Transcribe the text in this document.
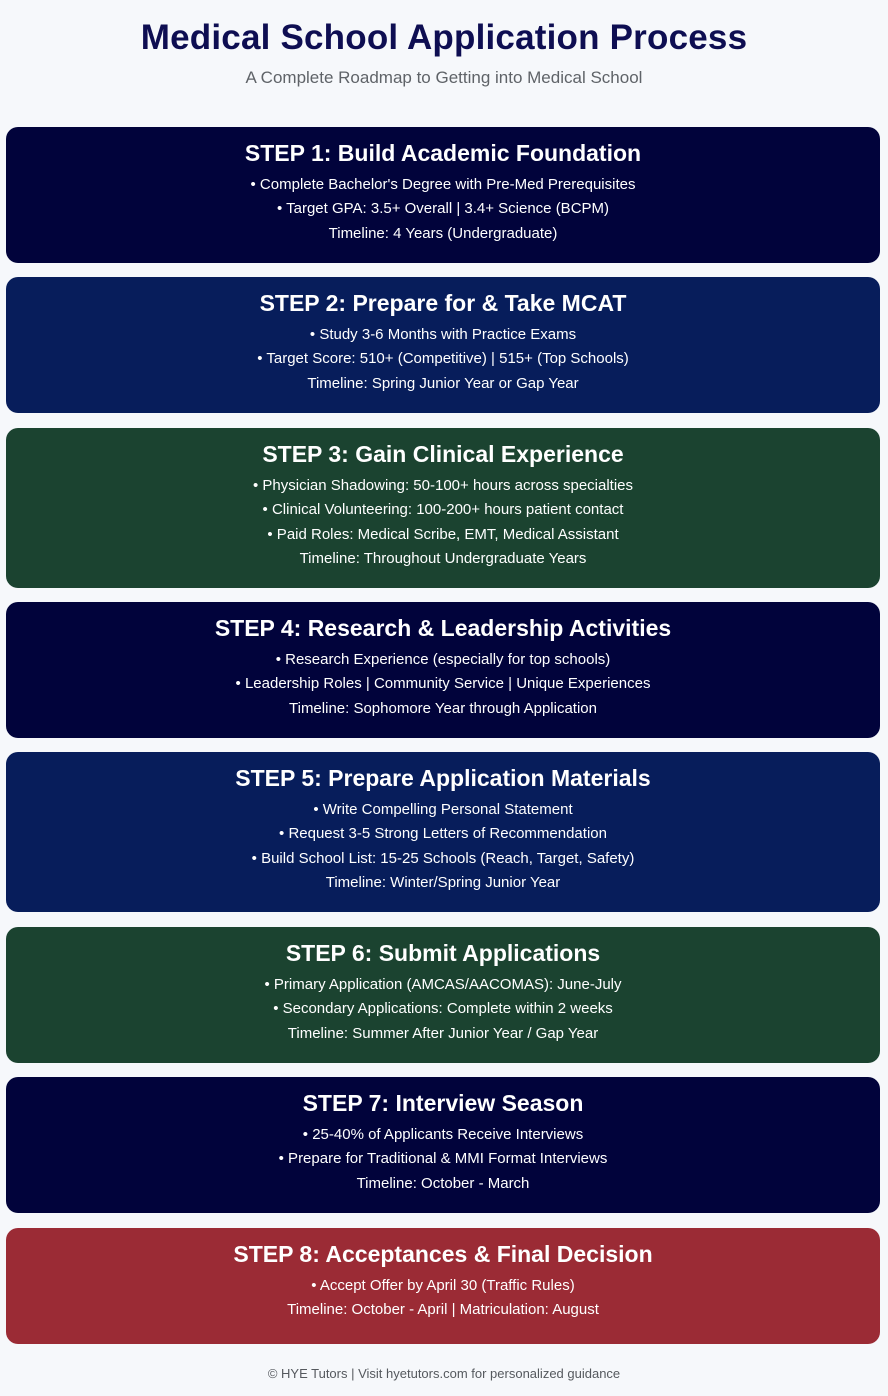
Medical School Application Process
A Complete Roadmap to Getting into Medical School
STEP 1: Build Academic Foundation
• Complete Bachelor's Degree with Pre-Med Prerequisites
• Target GPA: 3.5+ Overall | 3.4+ Science (BCPM)
Timeline: 4 Years (Undergraduate)
STEP 2: Prepare for & Take MCAT
• Study 3-6 Months with Practice Exams
• Target Score: 510+ (Competitive) | 515+ (Top Schools)
Timeline: Spring Junior Year or Gap Year
STEP 3: Gain Clinical Experience
• Physician Shadowing: 50-100+ hours across specialties
• Clinical Volunteering: 100-200+ hours patient contact
• Paid Roles: Medical Scribe, EMT, Medical Assistant
Timeline: Throughout Undergraduate Years
STEP 4: Research & Leadership Activities
• Research Experience (especially for top schools)
• Leadership Roles | Community Service | Unique Experiences
Timeline: Sophomore Year through Application
STEP 5: Prepare Application Materials
• Write Compelling Personal Statement
• Request 3-5 Strong Letters of Recommendation
• Build School List: 15-25 Schools (Reach, Target, Safety)
Timeline: Winter/Spring Junior Year
STEP 6: Submit Applications
• Primary Application (AMCAS/AACOMAS): June-July
• Secondary Applications: Complete within 2 weeks
Timeline: Summer After Junior Year / Gap Year
STEP 7: Interview Season
• 25-40% of Applicants Receive Interviews
• Prepare for Traditional & MMI Format Interviews
Timeline: October - March
STEP 8: Acceptances & Final Decision
• Accept Offer by April 30 (Traffic Rules)
Timeline: October - April | Matriculation: August
© HYE Tutors | Visit hyetutors.com for personalized guidance
